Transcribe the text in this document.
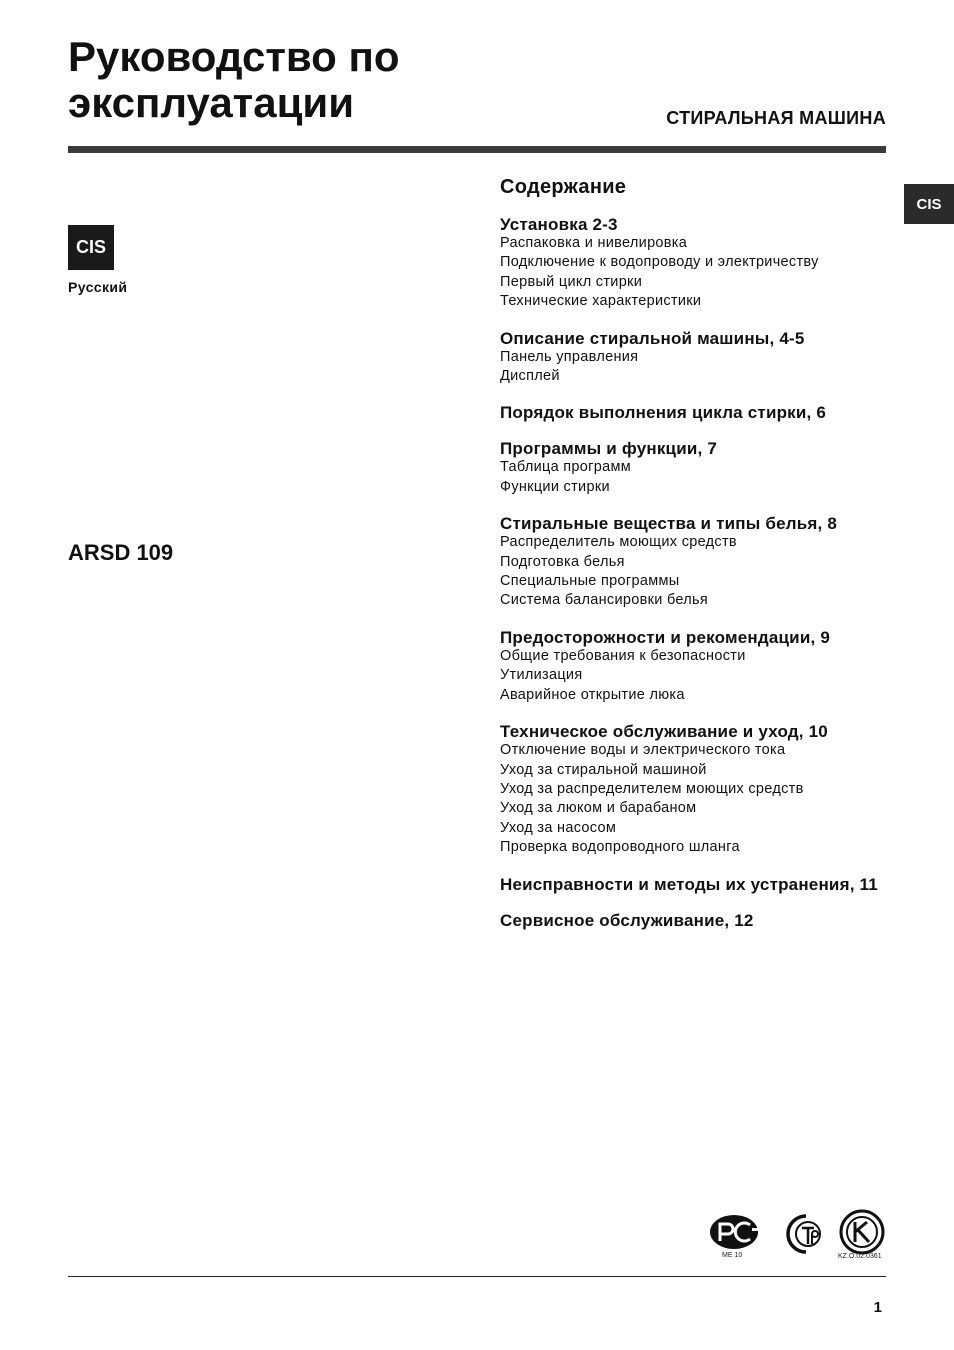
Руководство по
эксплуатации	СТИРАЛЬНАЯ МАШИНА
CIS
CIS
Русский
ARSD 109
Содержание
Установка 2-3
Распаковка и нивелировка
Подключение к водопроводу и электричеству
Первый цикл стирки
Технические характеристики
Описание стиральной машины, 4-5
Панель управления
Дисплей
Порядок выполнения цикла стирки, 6
Программы и функции, 7
Таблица программ
Функции стирки
Стиральные вещества и типы белья, 8
Распределитель моющих средств
Подготовка белья
Специальные программы
Система балансировки белья
Предосторожности и рекомендации, 9
Общие требования к безопасности
Утилизация
Аварийное открытие люка
Техническое обслуживание и уход, 10
Отключение воды и электрического тока
Уход за стиральной машиной
Уход за распределителем моющих средств
Уход за люком и барабаном
Уход за насосом
Проверка водопроводного шланга
Неисправности и методы их устранения, 11
Сервисное обслуживание, 12
МЕ 10	KZ.O.02.0361
1
